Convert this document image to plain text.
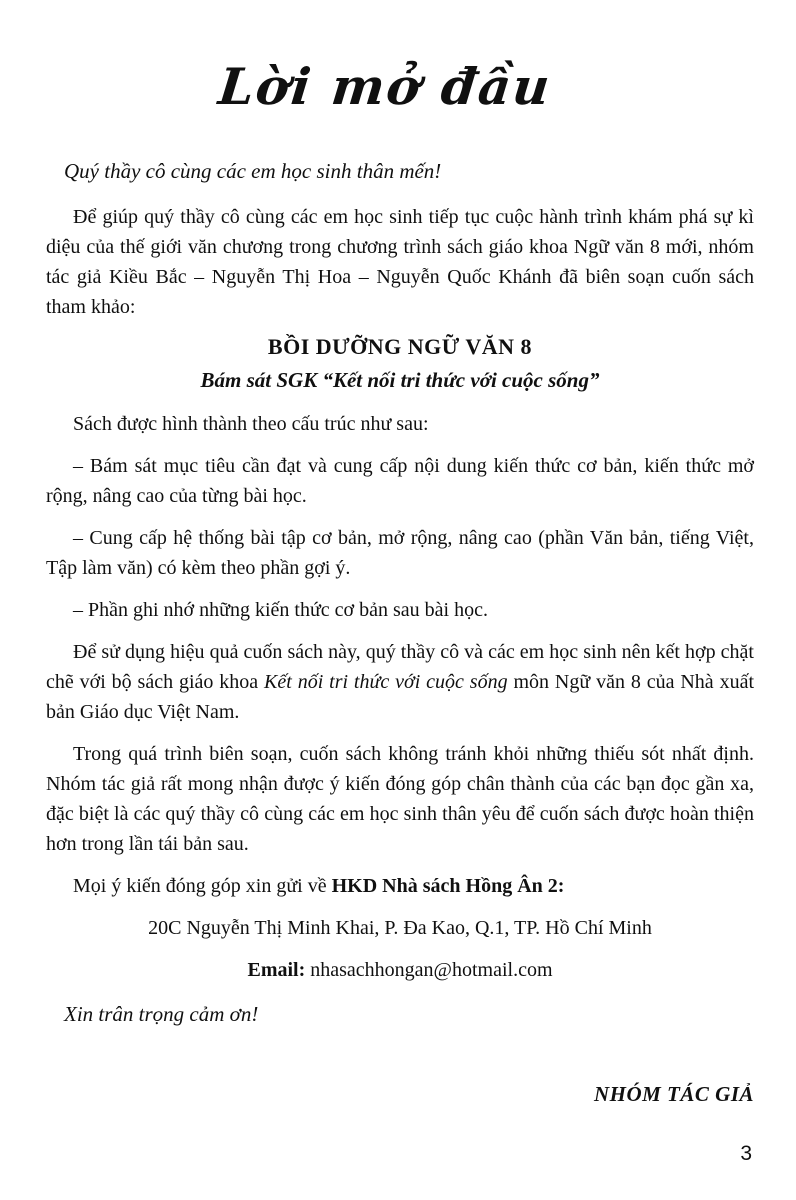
Lời mở đầu

Quý thầy cô cùng các em học sinh thân mến!

Để giúp quý thầy cô cùng các em học sinh tiếp tục cuộc hành trình khám phá sự kì diệu của thế giới văn chương trong chương trình sách giáo khoa Ngữ văn 8 mới, nhóm tác giả Kiều Bắc – Nguyễn Thị Hoa – Nguyễn Quốc Khánh đã biên soạn cuốn sách tham khảo:

BỒI DƯỠNG NGỮ VĂN 8
Bám sát SGK “Kết nối tri thức với cuộc sống”

Sách được hình thành theo cấu trúc như sau:

– Bám sát mục tiêu cần đạt và cung cấp nội dung kiến thức cơ bản, kiến thức mở rộng, nâng cao của từng bài học.

– Cung cấp hệ thống bài tập cơ bản, mở rộng, nâng cao (phần Văn bản, tiếng Việt, Tập làm văn) có kèm theo phần gợi ý.

– Phần ghi nhớ những kiến thức cơ bản sau bài học.

Để sử dụng hiệu quả cuốn sách này, quý thầy cô và các em học sinh nên kết hợp chặt chẽ với bộ sách giáo khoa Kết nối tri thức với cuộc sống môn Ngữ văn 8 của Nhà xuất bản Giáo dục Việt Nam.

Trong quá trình biên soạn, cuốn sách không tránh khỏi những thiếu sót nhất định. Nhóm tác giả rất mong nhận được ý kiến đóng góp chân thành của các bạn đọc gần xa, đặc biệt là các quý thầy cô cùng các em học sinh thân yêu để cuốn sách được hoàn thiện hơn trong lần tái bản sau.

Mọi ý kiến đóng góp xin gửi về HKD Nhà sách Hồng Ân 2:

20C Nguyễn Thị Minh Khai, P. Đa Kao, Q.1, TP. Hồ Chí Minh

Email: nhasachhongan@hotmail.com

Xin trân trọng cảm ơn!

NHÓM TÁC GIẢ
3
